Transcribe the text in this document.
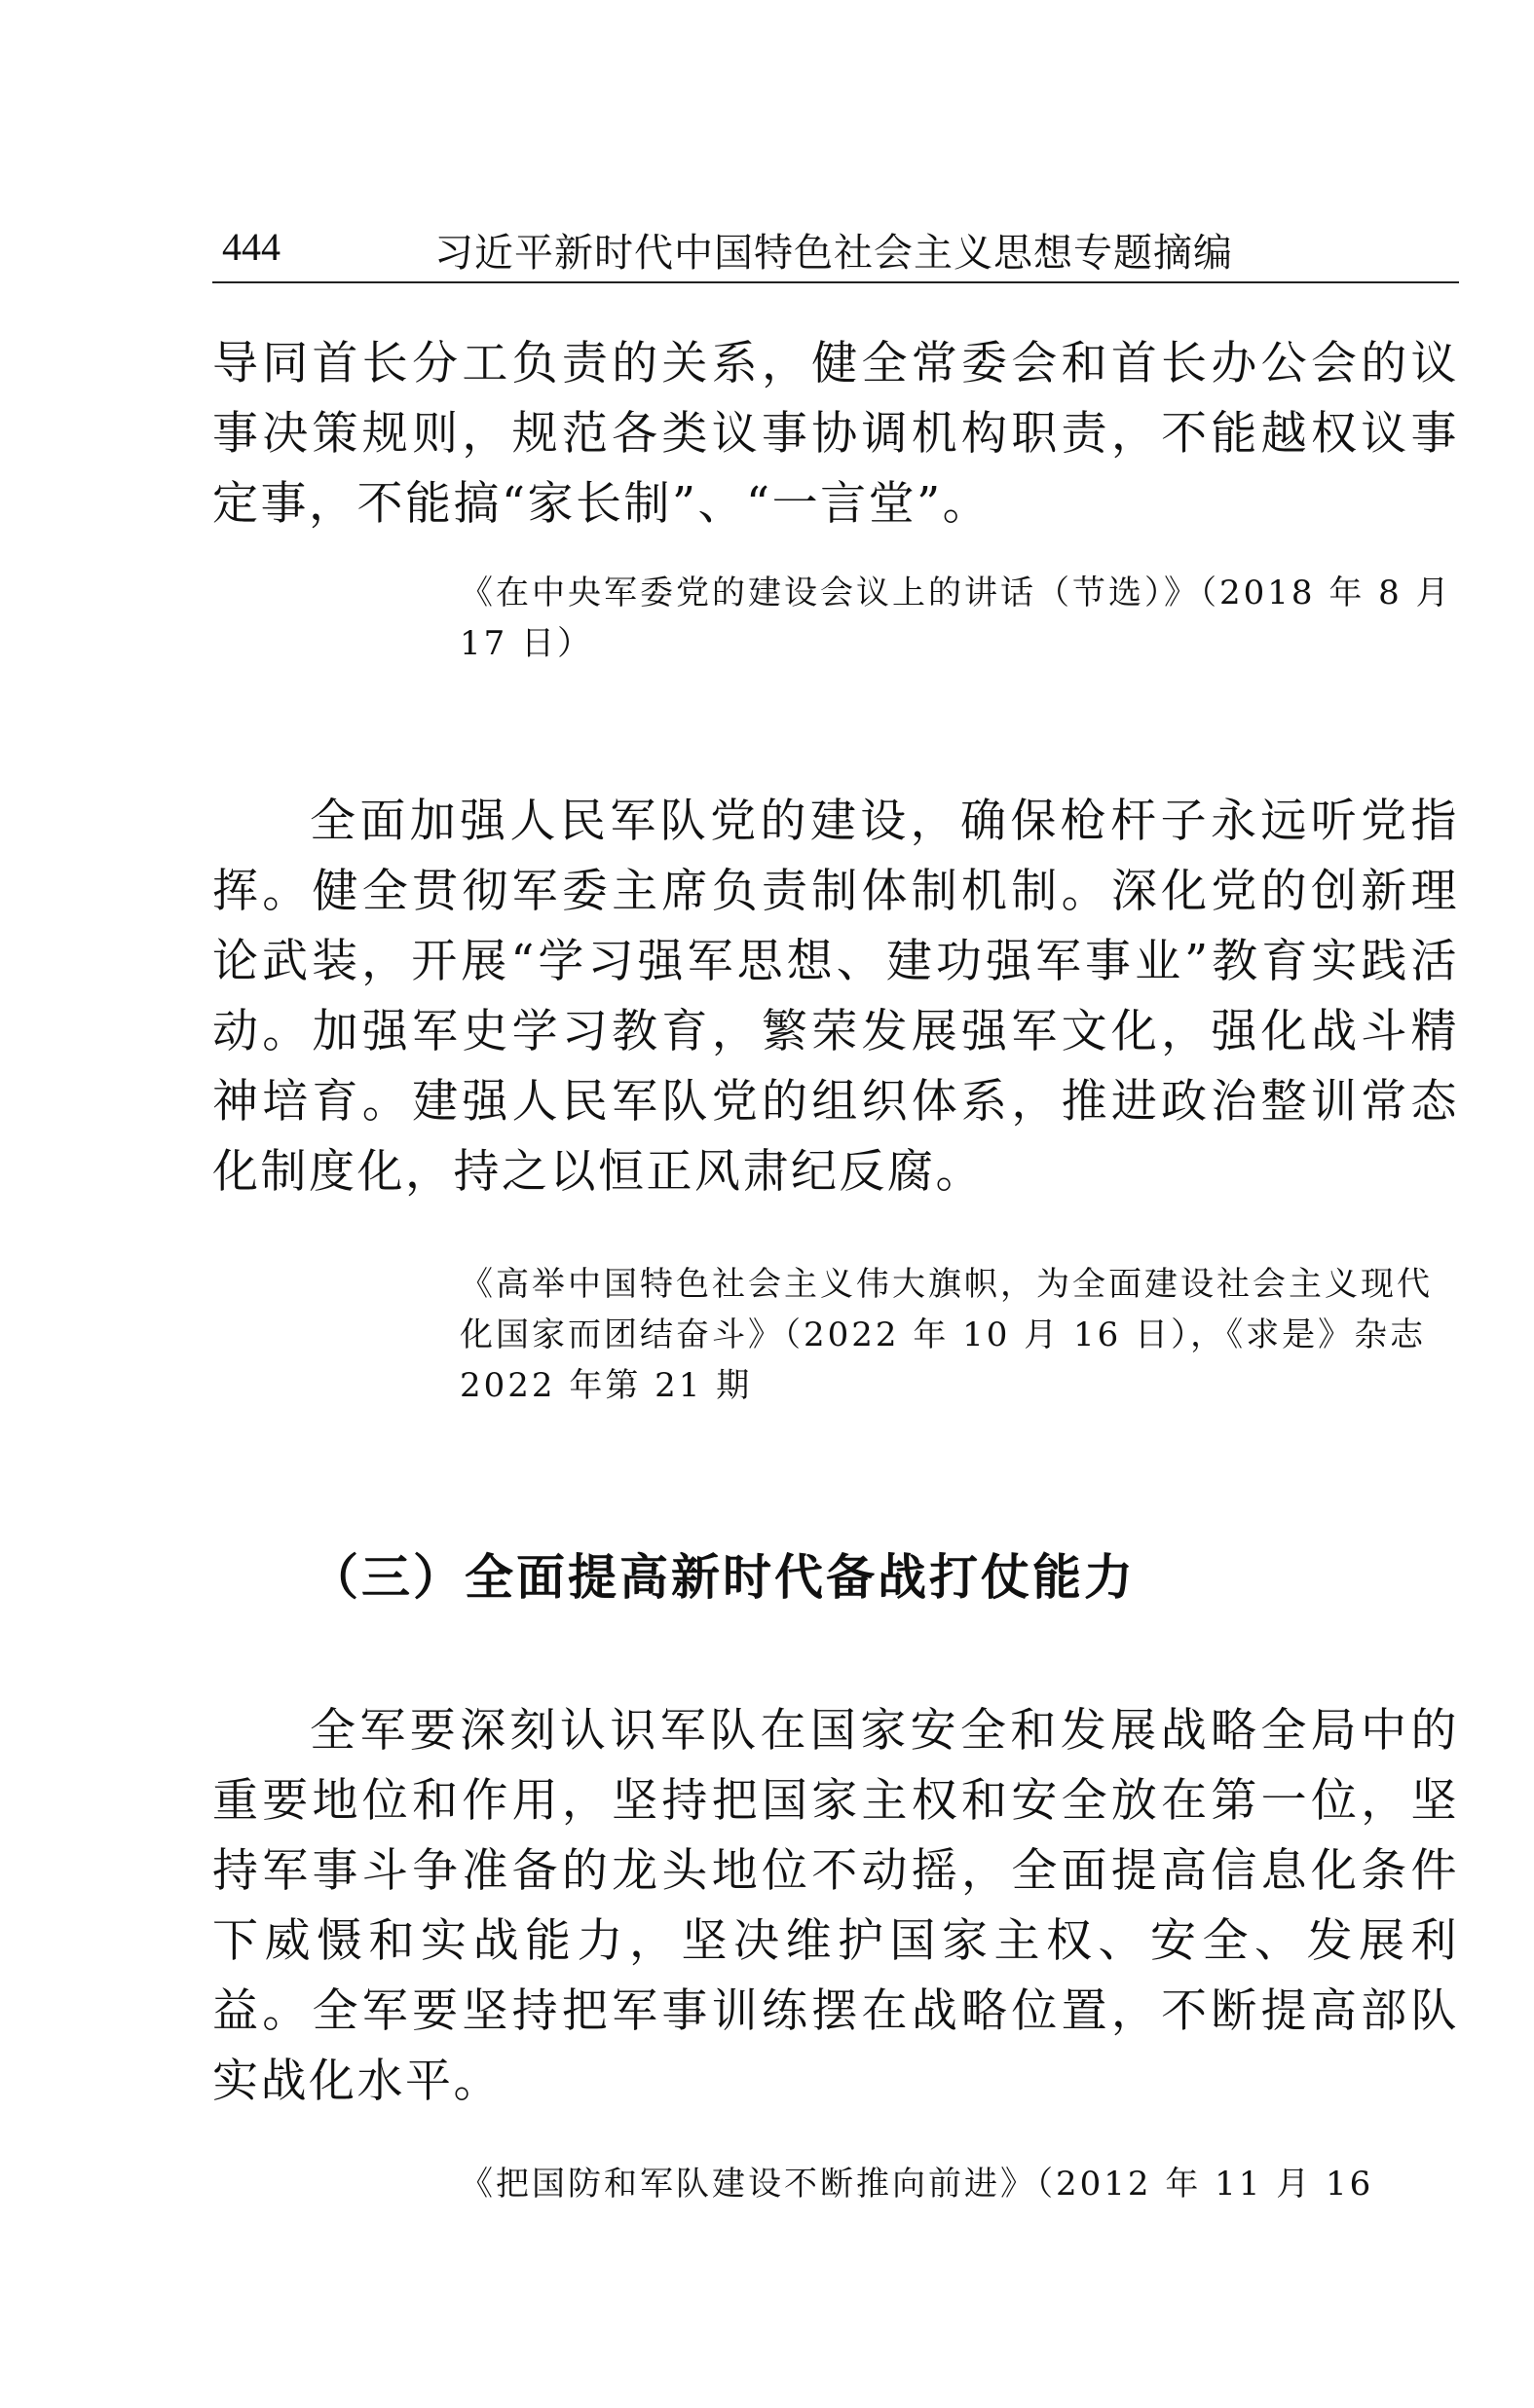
444	习近平新时代中国特色社会主义思想专题摘编

导同首长分工负责的关系，健全常委会和首长办公会的议事决策规则，规范各类议事协调机构职责，不能越权议事定事，不能搞“家长制”、“一言堂”。

《在中央军委党的建设会议上的讲话（节选）》（2018 年 8 月 17 日）

全面加强人民军队党的建设，确保枪杆子永远听党指挥。健全贯彻军委主席负责制体制机制。深化党的创新理论武装，开展“学习强军思想、建功强军事业”教育实践活动。加强军史学习教育，繁荣发展强军文化，强化战斗精神培育。建强人民军队党的组织体系，推进政治整训常态化制度化，持之以恒正风肃纪反腐。

《高举中国特色社会主义伟大旗帜，为全面建设社会主义现代化国家而团结奋斗》（2022 年 10 月 16 日），《求是》杂志 2022 年第 21 期

（三）全面提高新时代备战打仗能力

全军要深刻认识军队在国家安全和发展战略全局中的重要地位和作用，坚持把国家主权和安全放在第一位，坚持军事斗争准备的龙头地位不动摇，全面提高信息化条件下威慑和实战能力，坚决维护国家主权、安全、发展利益。全军要坚持把军事训练摆在战略位置，不断提高部队实战化水平。

《把国防和军队建设不断推向前进》（2012 年 11 月 16
